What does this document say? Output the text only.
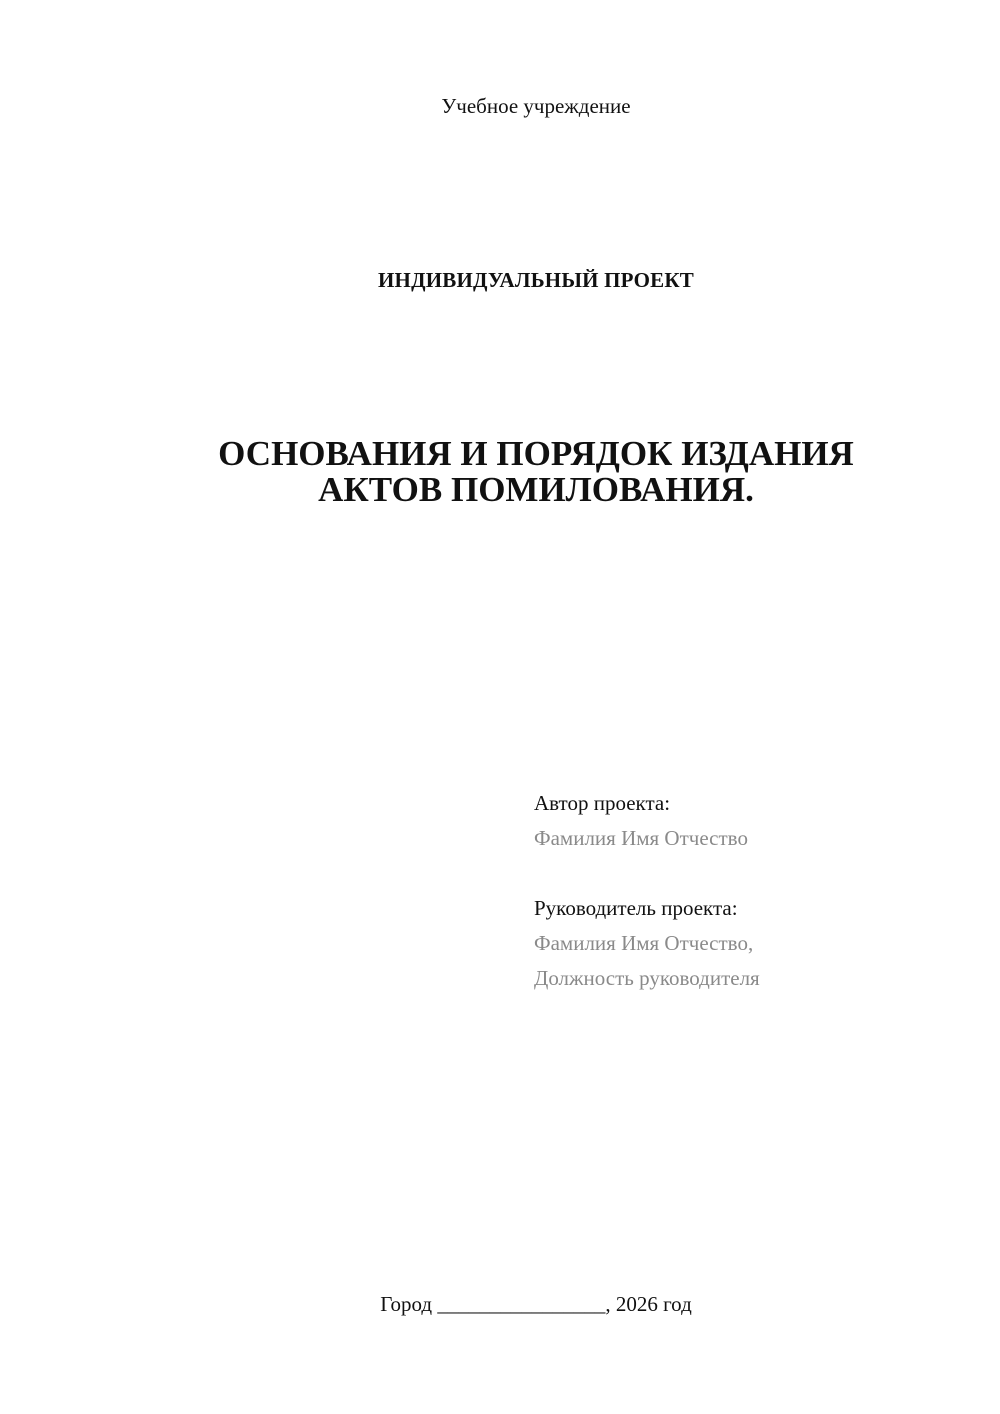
Учебное учреждение
ИНДИВИДУАЛЬНЫЙ ПРОЕКТ
ОСНОВАНИЯ И ПОРЯДОК ИЗДАНИЯ
АКТОВ ПОМИЛОВАНИЯ.
Автор проекта:
Фамилия Имя Отчество
Руководитель проекта:
Фамилия Имя Отчество,
Должность руководителя
Город ________________, 2026 год
